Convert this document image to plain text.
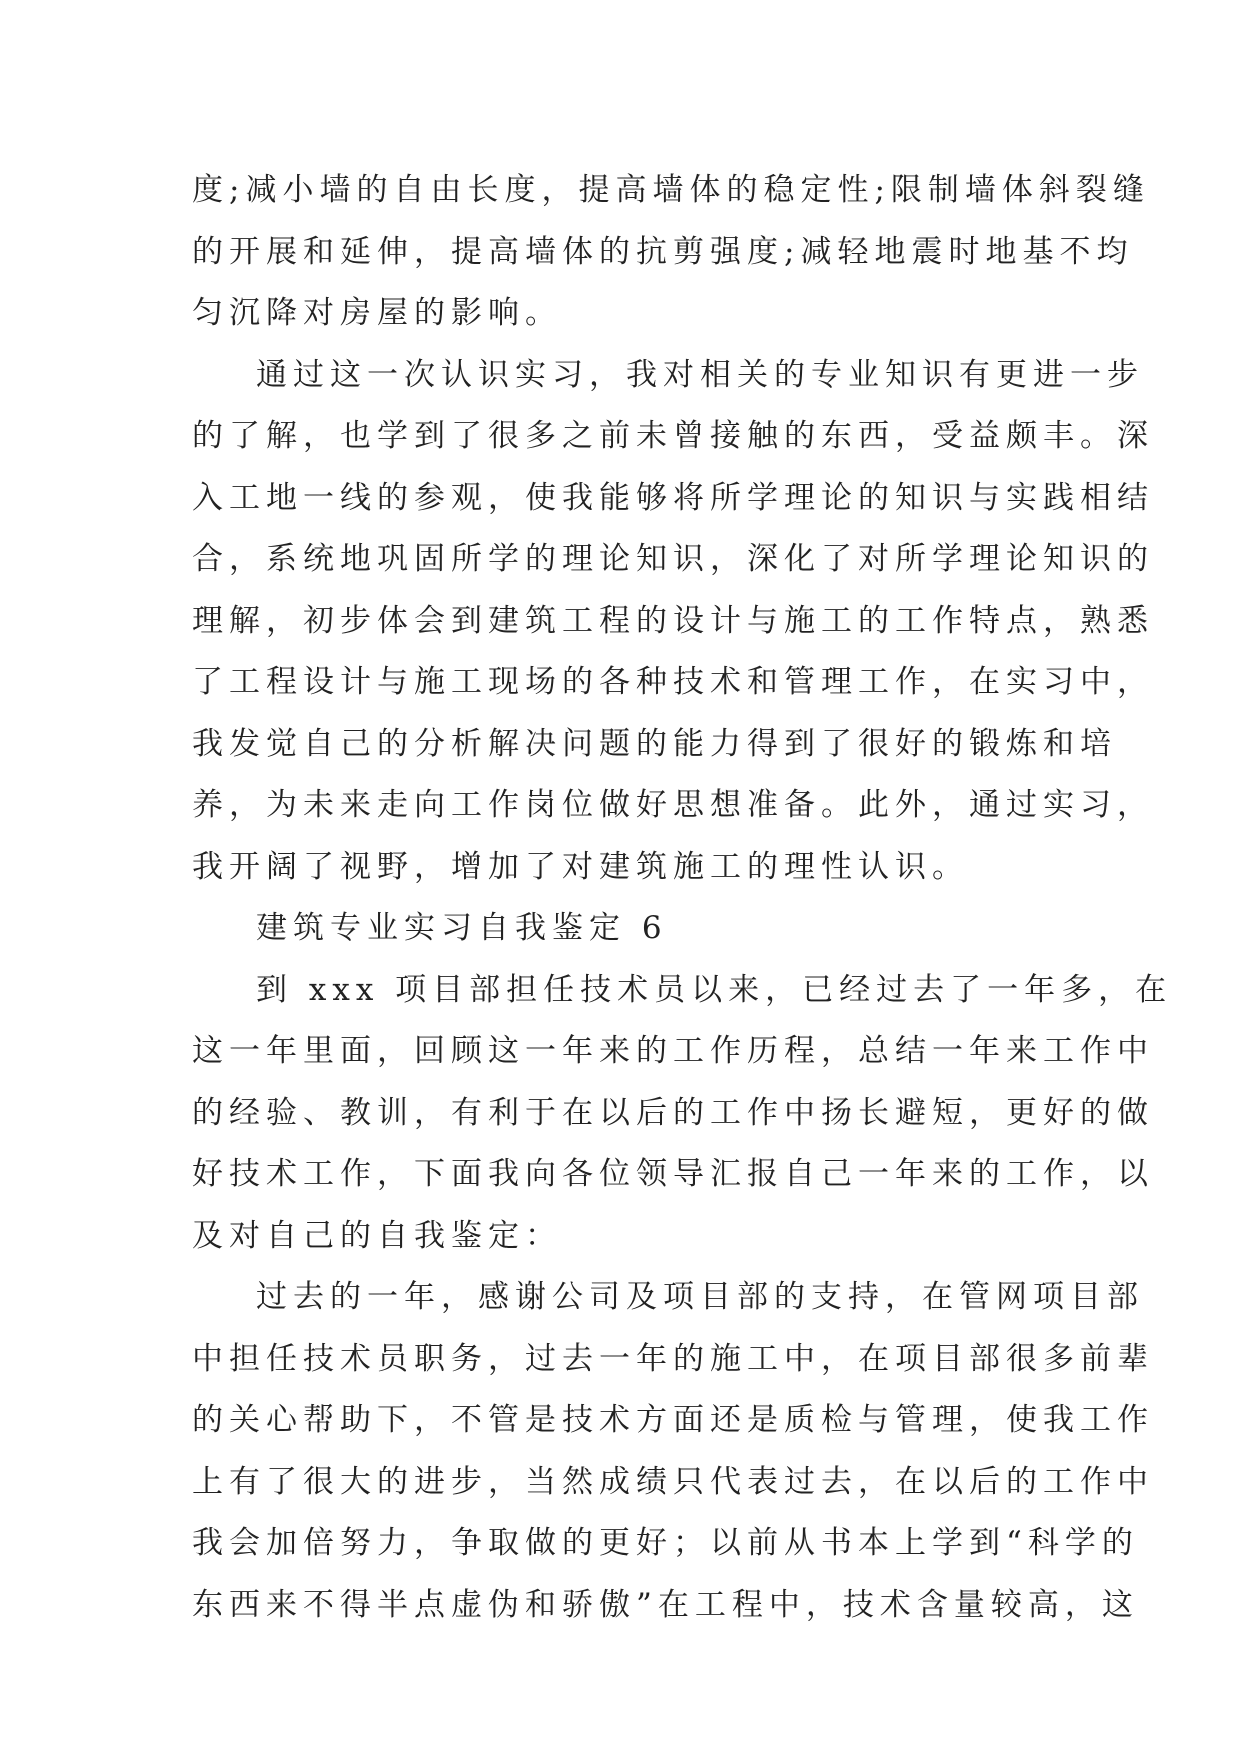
度;减小墙的自由长度，提高墙体的稳定性;限制墙体斜裂缝
的开展和延伸，提高墙体的抗剪强度;减轻地震时地基不均
匀沉降对房屋的影响。
通过这一次认识实习，我对相关的专业知识有更进一步
的了解，也学到了很多之前未曾接触的东西，受益颇丰。深
入工地一线的参观，使我能够将所学理论的知识与实践相结
合，系统地巩固所学的理论知识，深化了对所学理论知识的
理解，初步体会到建筑工程的设计与施工的工作特点，熟悉
了工程设计与施工现场的各种技术和管理工作，在实习中，
我发觉自己的分析解决问题的能力得到了很好的锻炼和培
养，为未来走向工作岗位做好思想准备。此外，通过实习，
我开阔了视野，增加了对建筑施工的理性认识。
建筑专业实习自我鉴定 6
到 xxx 项目部担任技术员以来，已经过去了一年多，在
这一年里面，回顾这一年来的工作历程，总结一年来工作中
的经验、教训，有利于在以后的工作中扬长避短，更好的做
好技术工作，下面我向各位领导汇报自己一年来的工作，以
及对自己的自我鉴定：
过去的一年，感谢公司及项目部的支持，在管网项目部
中担任技术员职务，过去一年的施工中，在项目部很多前辈
的关心帮助下，不管是技术方面还是质检与管理，使我工作
上有了很大的进步，当然成绩只代表过去，在以后的工作中
我会加倍努力，争取做的更好；以前从书本上学到“科学的
东西来不得半点虚伪和骄傲”在工程中，技术含量较高，这
